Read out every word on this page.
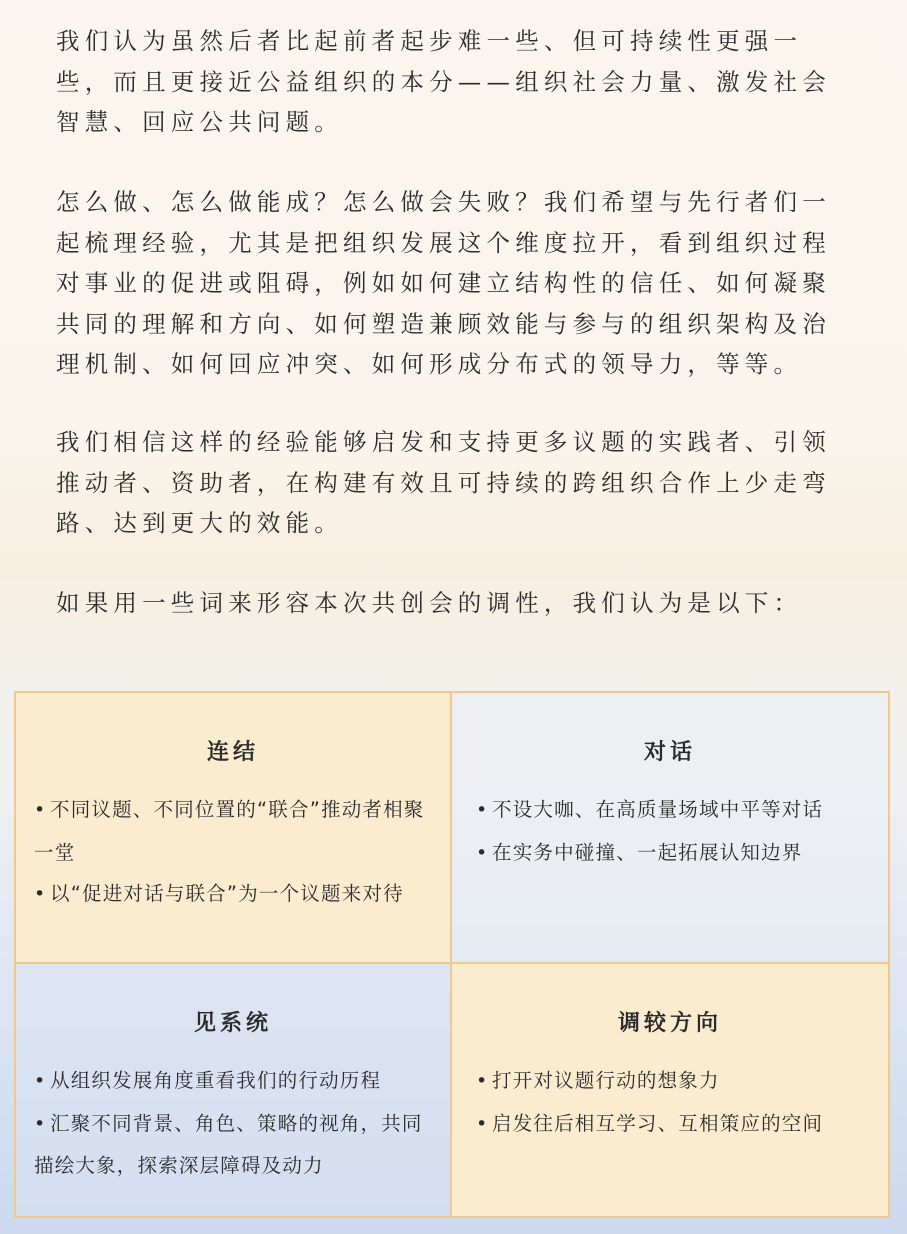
我们认为虽然后者比起前者起步难一些、但可持续性更强一
些，而且更接近公益组织的本分——组织社会力量、激发社会
智慧、回应公共问题。

怎么做、怎么做能成？怎么做会失败？我们希望与先行者们一
起梳理经验，尤其是把组织发展这个维度拉开，看到组织过程
对事业的促进或阻碍，例如如何建立结构性的信任、如何凝聚
共同的理解和方向、如何塑造兼顾效能与参与的组织架构及治
理机制、如何回应冲突、如何形成分布式的领导力，等等。

我们相信这样的经验能够启发和支持更多议题的实践者、引领
推动者、资助者，在构建有效且可持续的跨组织合作上少走弯
路、达到更大的效能。

如果用一些词来形容本次共创会的调性，我们认为是以下：

连结
• 不同议题、不同位置的“联合”推动者相聚一堂
• 以“促进对话与联合”为一个议题来对待
对话
• 不设大咖、在高质量场域中平等对话
• 在实务中碰撞、一起拓展认知边界
见系统
• 从组织发展角度重看我们的行动历程
• 汇聚不同背景、角色、策略的视角，共同描绘大象，探索深层障碍及动力
调较方向
• 打开对议题行动的想象力
• 启发往后相互学习、互相策应的空间
